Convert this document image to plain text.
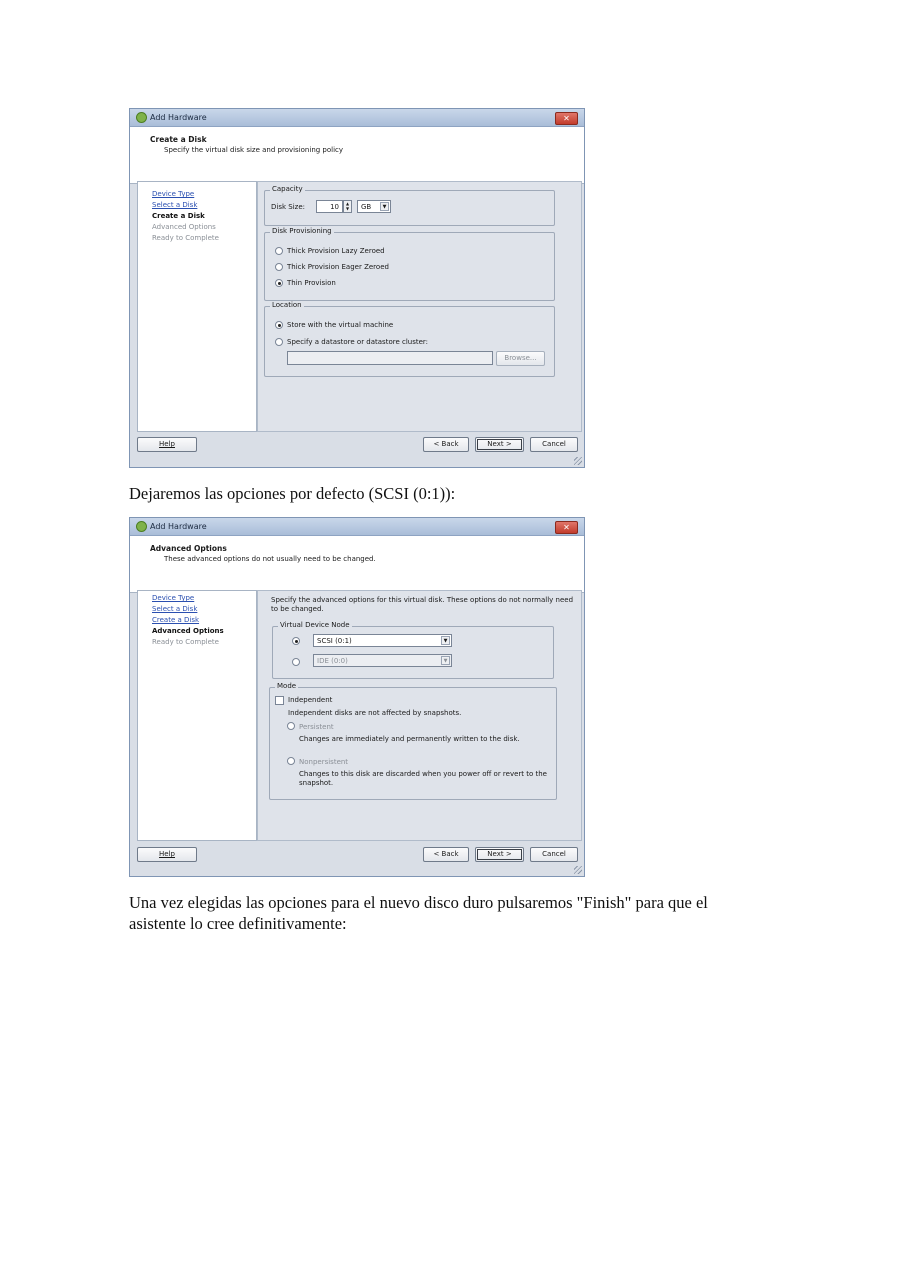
Add Hardware	✕
Create a Disk
Specify the virtual disk size and provisioning policy
Device Type
Select a Disk
Create a Disk
Advanced Options
Ready to Complete
Capacity
Disk Size:	10	▲
▼	GB	▼
Disk Provisioning
Thick Provision Lazy Zeroed
Thick Provision Eager Zeroed
Thin Provision
Location
Store with the virtual machine
Specify a datastore or datastore cluster:
Browse...
Help	< Back	Next >	Cancel
Dejaremos las opciones por defecto (SCSI (0:1)):
Add Hardware	✕
Advanced Options
These advanced options do not usually need to be changed.
Device Type
Select a Disk
Create a Disk
Advanced Options
Ready to Complete
Specify the advanced options for this virtual disk. These options do not normally need
to be changed.
Virtual Device Node
SCSI (0:1)	▼
IDE (0:0)	▼
Mode
Independent
Independent disks are not affected by snapshots.
Persistent
Changes are immediately and permanently written to the disk.
Nonpersistent
Changes to this disk are discarded when you power off or revert to the
snapshot.
Help	< Back	Next >	Cancel
Una vez elegidas las opciones para el nuevo disco duro pulsaremos "Finish" para que el
asistente lo cree definitivamente:
